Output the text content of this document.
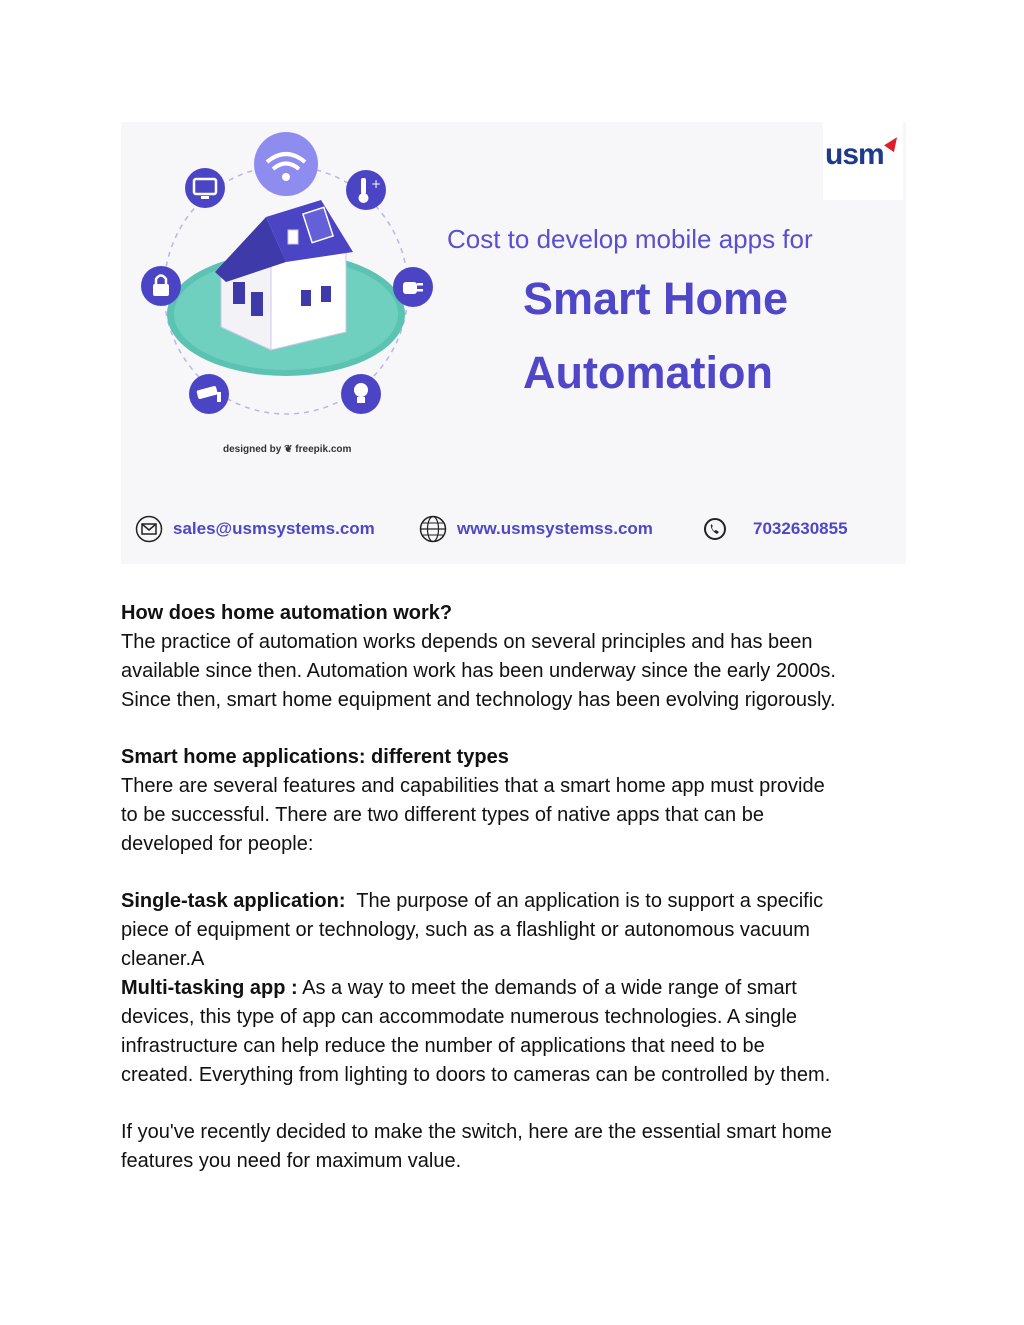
+
usm
Cost to develop mobile apps for
Smart Home
Automation
designed by ❦ freepik.com
sales@usmsystems.com	www.usmsystemss.com	7032630855

How does home automation work?

The practice of automation works depends on several principles and has been

available since then. Automation work has been underway since the early 2000s.

Since then, smart home equipment and technology has been evolving rigorously.

Smart home applications: different types

There are several features and capabilities that a smart home app must provide

to be successful. There are two different types of native apps that can be

developed for people:

Single-task application:  The purpose of an application is to support a specific

piece of equipment or technology, such as a flashlight or autonomous vacuum

cleaner.A

Multi-tasking app : As a way to meet the demands of a wide range of smart

devices, this type of app can accommodate numerous technologies. A single

infrastructure can help reduce the number of applications that need to be

created. Everything from lighting to doors to cameras can be controlled by them.

If you've recently decided to make the switch, here are the essential smart home

features you need for maximum value.
